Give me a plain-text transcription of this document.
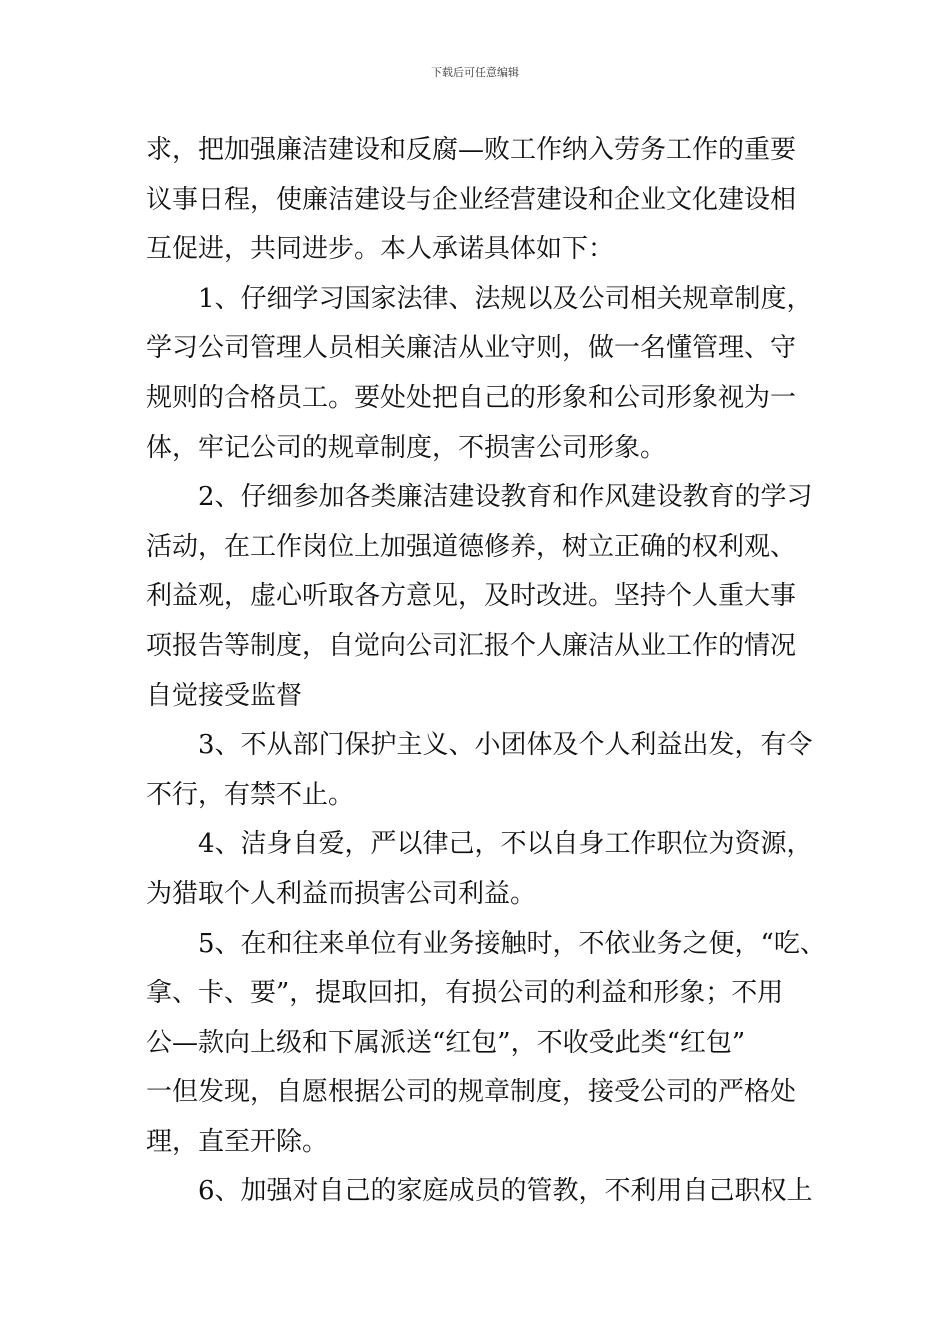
下载后可任意编辑
求，把加强廉洁建设和反腐—败工作纳入劳务工作的重要
议事日程，使廉洁建设与企业经营建设和企业文化建设相
互促进，共同进步。本人承诺具体如下：
1、仔细学习国家法律、法规以及公司相关规章制度，
学习公司管理人员相关廉洁从业守则，做一名懂管理、守
规则的合格员工。要处处把自己的形象和公司形象视为一
体，牢记公司的规章制度，不损害公司形象。
2、仔细参加各类廉洁建设教育和作风建设教育的学习
活动，在工作岗位上加强道德修养，树立正确的权利观、
利益观，虚心听取各方意见，及时改进。坚持个人重大事
项报告等制度，自觉向公司汇报个人廉洁从业工作的情况
自觉接受监督
3、不从部门保护主义、小团体及个人利益出发，有令
不行，有禁不止。
4、洁身自爱，严以律己，不以自身工作职位为资源，
为猎取个人利益而损害公司利益。
5、在和往来单位有业务接触时，不依业务之便，“吃、
拿、卡、要”，提取回扣，有损公司的利益和形象；不用
公—款向上级和下属派送“红包”，不收受此类“红包”
一但发现，自愿根据公司的规章制度，接受公司的严格处
理，直至开除。
6、加强对自己的家庭成员的管教，不利用自己职权上
